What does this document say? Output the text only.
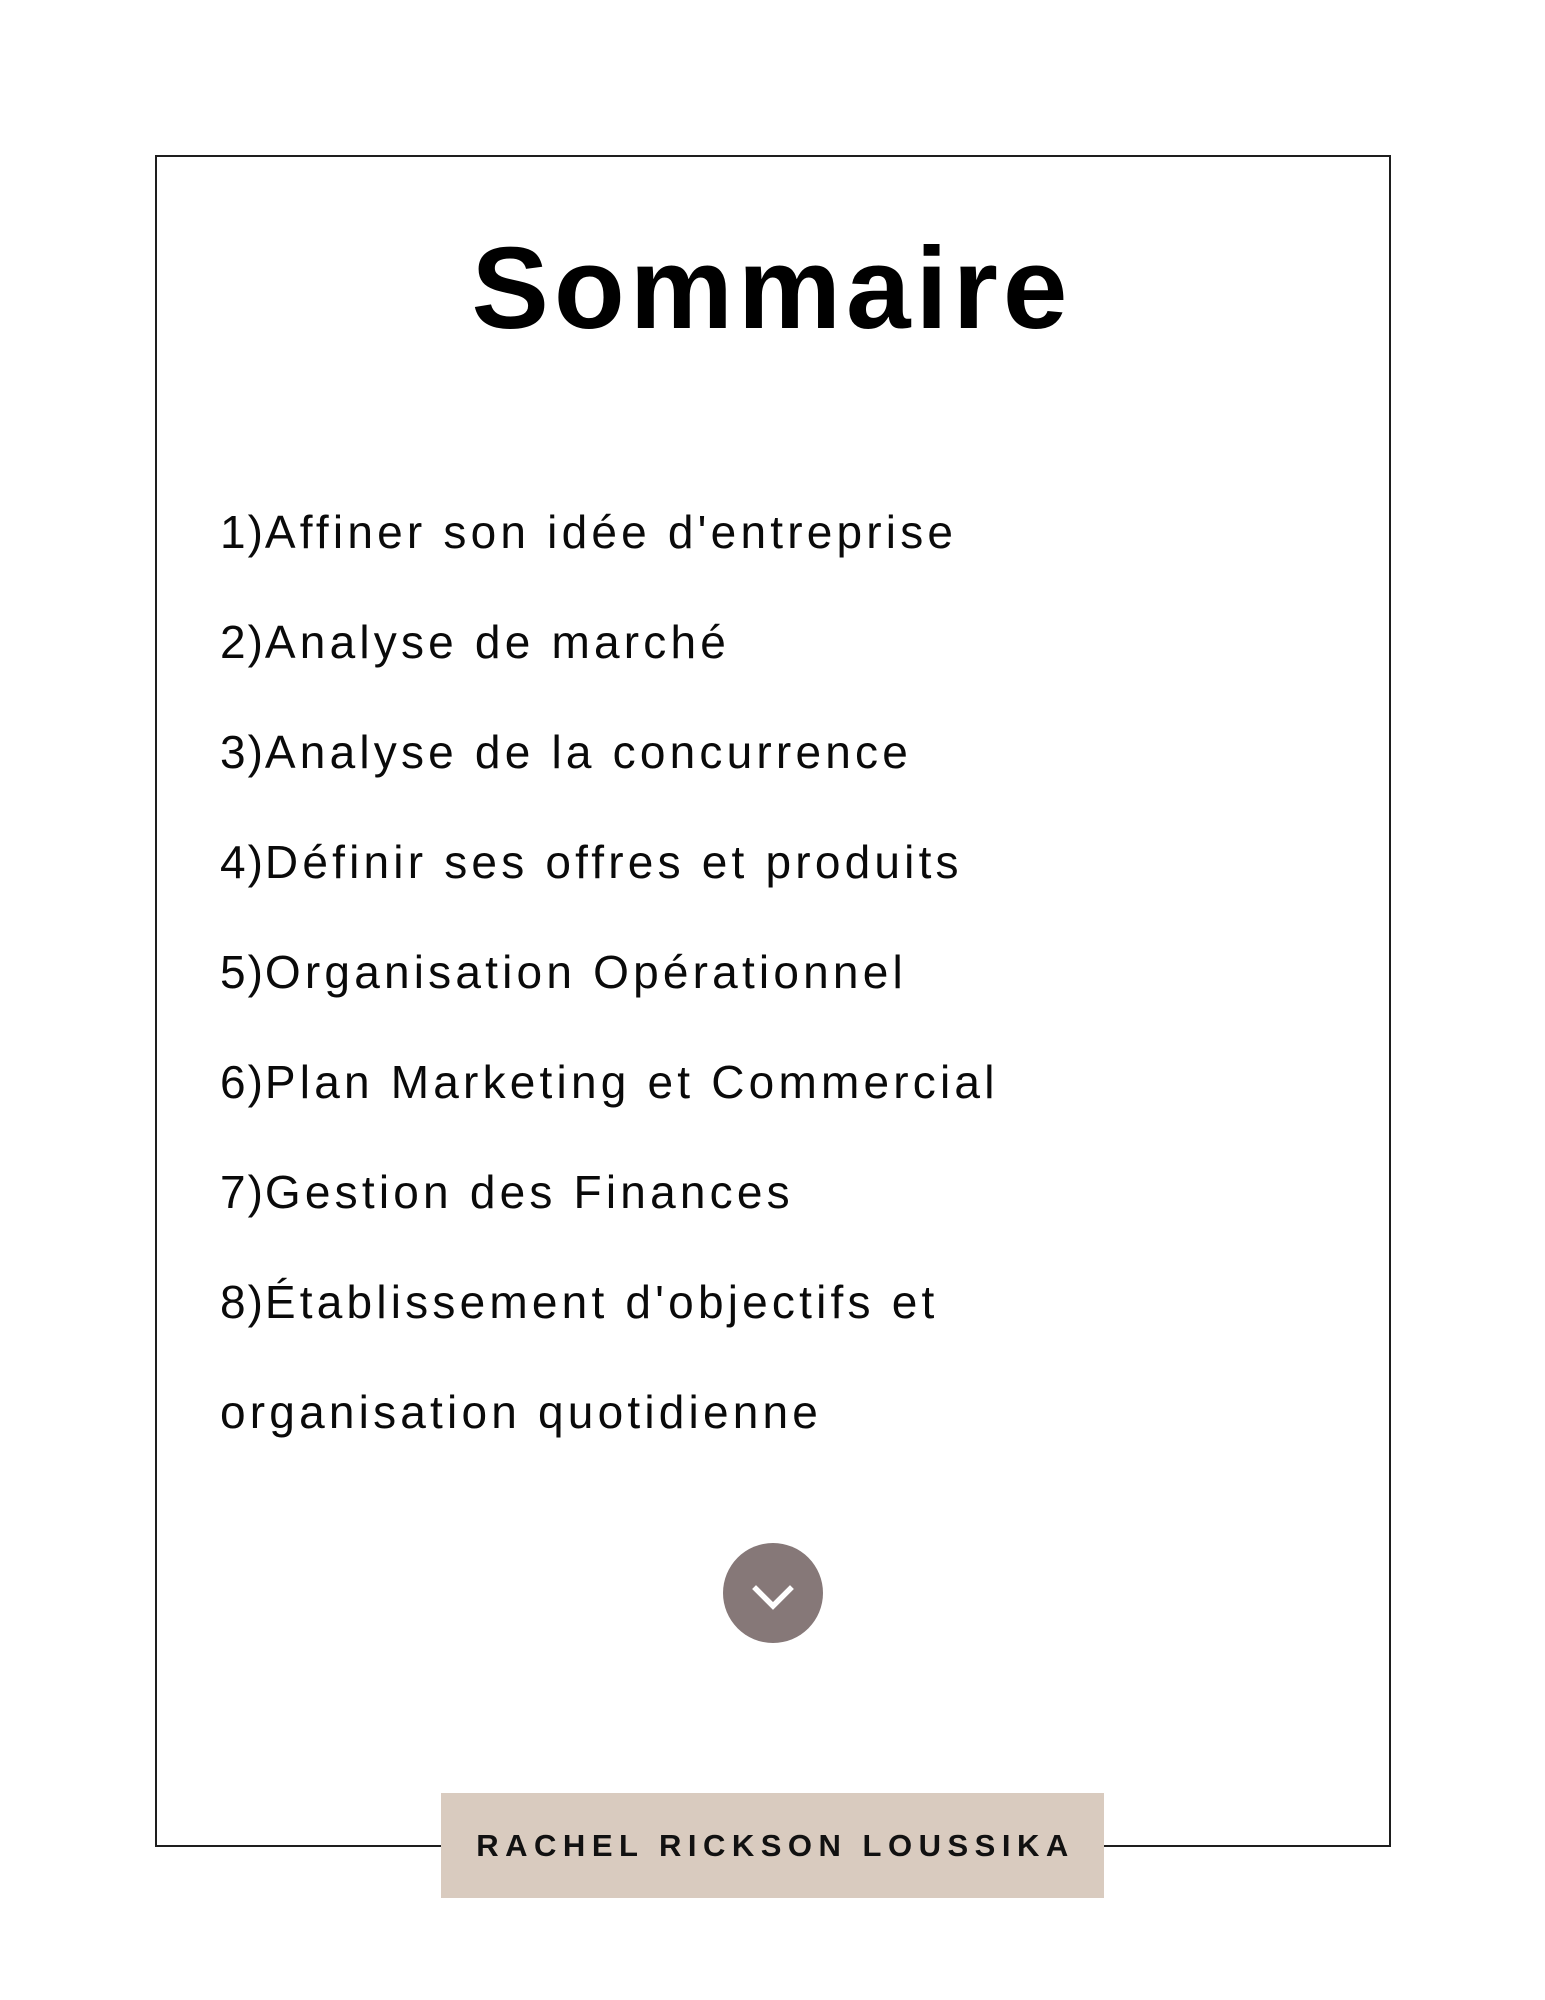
Sommaire
1)Affiner son idée d'entreprise
2)Analyse de marché
3)Analyse de la concurrence
4)Définir ses offres et produits
5)Organisation Opérationnel
6)Plan Marketing et Commercial
7)Gestion des Finances
8)Établissement d'objectifs et organisation quotidienne
RACHEL RICKSON LOUSSIKA
